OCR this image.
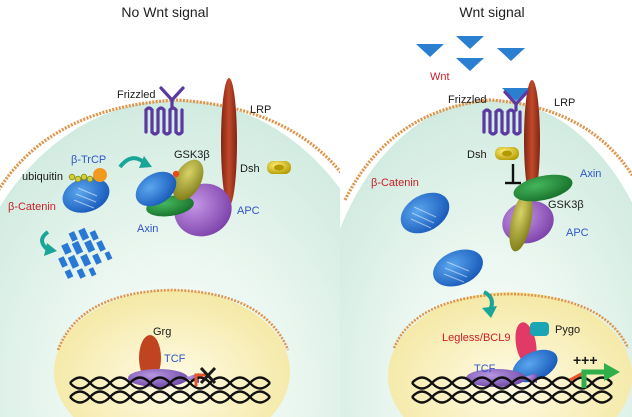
No Wnt signal	Wnt signal
Frizzled
LRP
Dsh
GSK3β
APC
Axin
β-TrCP
ubiquitin
β-Catenin
Grg
TCF
Wnt
LRP
Frizzled
Dsh
Axin
GSK3β
APC
β-Catenin
Legless/BCL9
Pygo
TCF
+++
